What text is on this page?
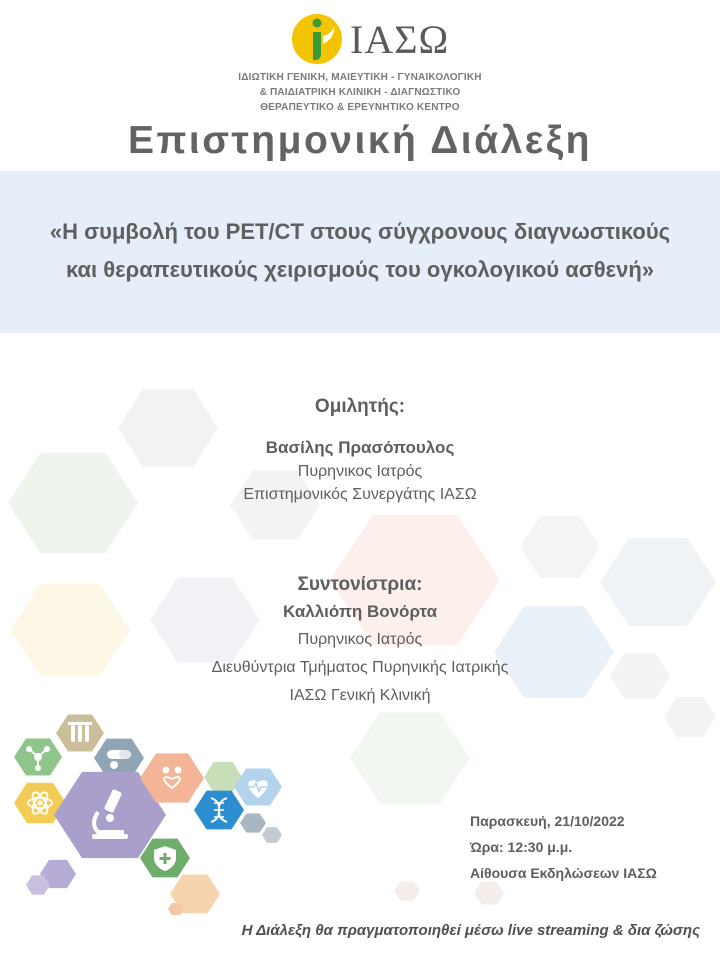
ΙΑΣΩ
ΙΔΙΩΤΙΚΗ ΓΕΝΙΚΗ, ΜΑΙΕΥΤΙΚΗ - ΓΥΝΑΙΚΟΛΟΓΙΚΗ
& ΠΑΙΔΙΑΤΡΙΚΗ ΚΛΙΝΙΚΗ - ΔΙΑΓΝΩΣΤΙΚΟ
ΘΕΡΑΠΕΥΤΙΚΟ & ΕΡΕΥΝΗΤΙΚΟ ΚΕΝΤΡΟ
Επιστημονική Διάλεξη
«Η συμβολή του PET/CT στους σύγχρονους διαγνωστικούς
και θεραπευτικούς χειρισμούς του ογκολογικού ασθενή»
Ομιλητής:
Βασίλης Πρασόπουλος
Πυρηνικος Ιατρός
Επιστημονικός Συνεργάτης ΙΑΣΩ
Συντονίστρια:
Καλλιόπη Βονόρτα
Πυρηνικος Ιατρός
Διευθύντρια Τμήματος Πυρηνικής Ιατρικής
ΙΑΣΩ Γενική Κλινική
Παρασκευή, 21/10/2022
Ώρα: 12:30 μ.μ.
Αίθουσα Εκδηλώσεων ΙΑΣΩ
Η Διάλεξη θα πραγματοποιηθεί μέσω live streaming & δια ζώσης
